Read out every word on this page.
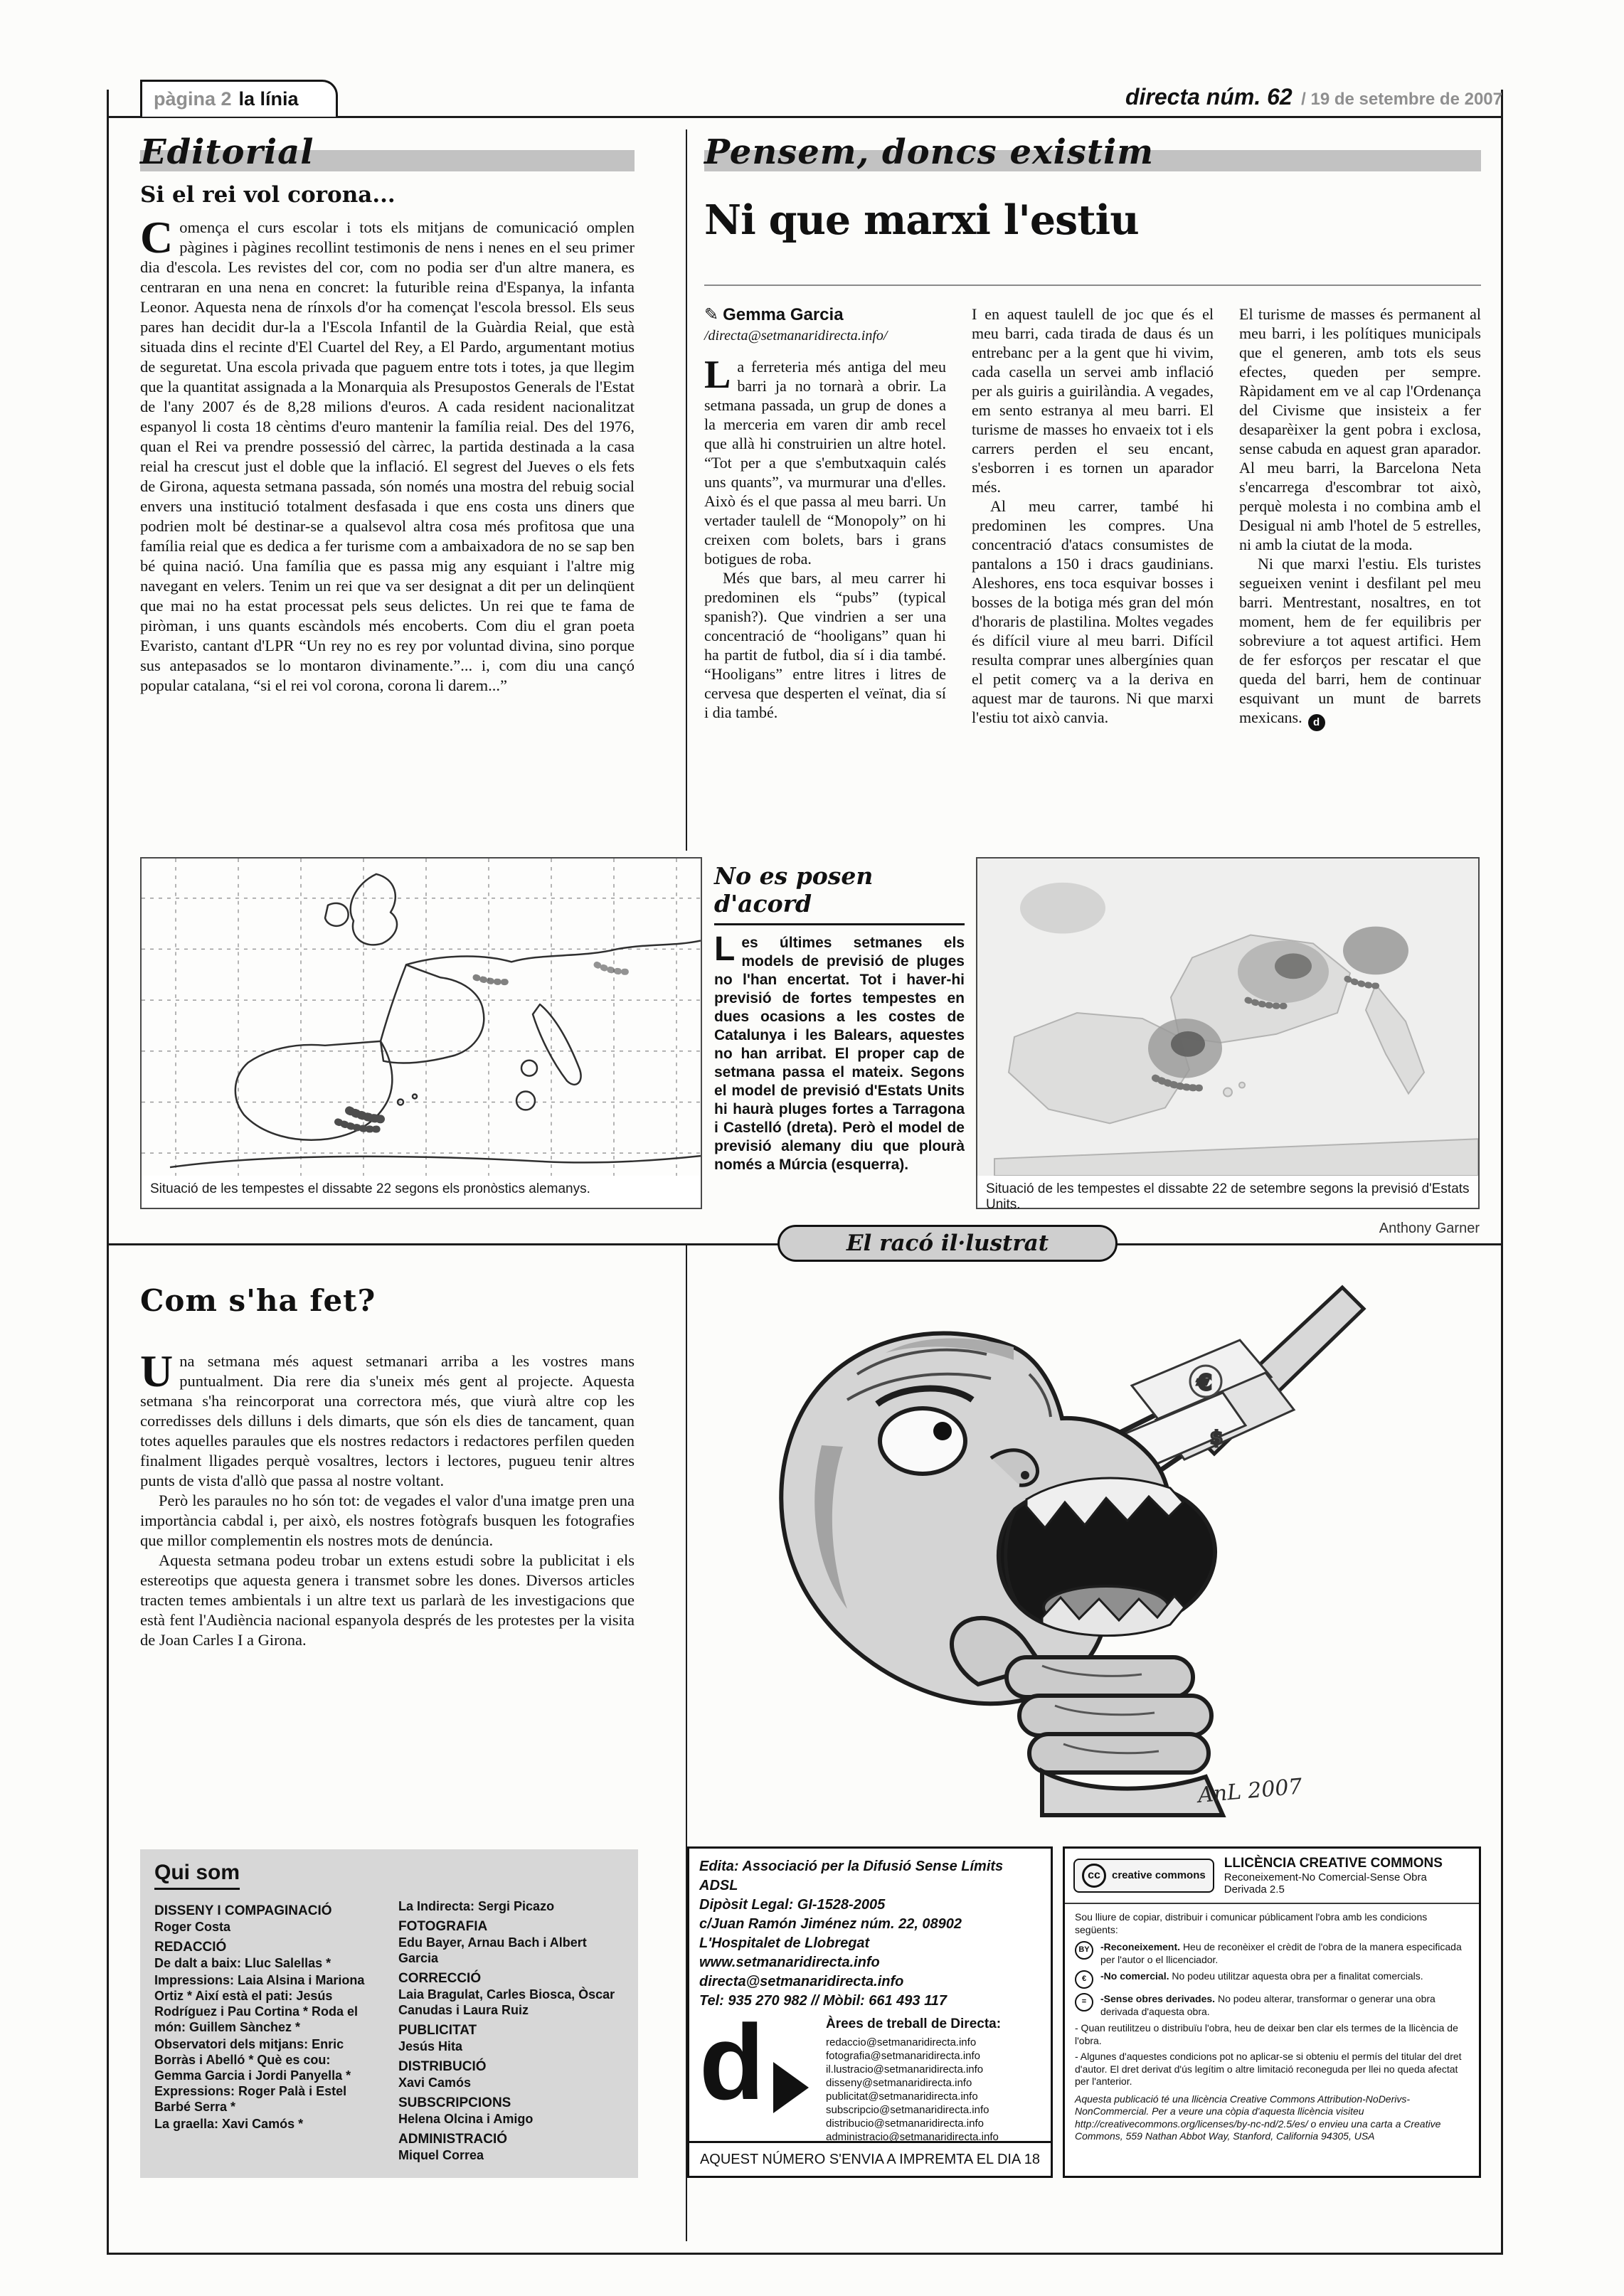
pàgina 2 la línia	directa núm. 62 / 19 de setembre de 2007
Editorial
Si el rei vol corona...

Comença el curs escolar i tots els mitjans de comunicació omplen pàgines i pàgines recollint testimonis de nens i nenes en el seu primer dia d'escola. Les revistes del cor, com no podia ser d'un altre manera, es centraran en una nena en concret: la futurible reina d'Espanya, la infanta Leonor. Aquesta nena de rínxols d'or ha començat l'escola bressol. Els seus pares han decidit dur-la a l'Escola Infantil de la Guàrdia Reial, que està situada dins el recinte d'El Cuartel del Rey, a El Pardo, argumentant motius de seguretat. Una escola privada que paguem entre tots i totes, ja que llegim que la quantitat assignada a la Monarquia als Presupostos Generals de l'Estat de l'any 2007 és de 8,28 milions d'euros. A cada resident nacionalitzat espanyol li costa 18 cèntims d'euro mantenir la família reial. Des del 1976, quan el Rei va prendre possessió del càrrec, la partida destinada a la casa reial ha crescut just el doble que la inflació. El segrest del Jueves o els fets de Girona, aquesta setmana passada, són només una mostra del rebuig social envers una institució totalment desfasada i que ens costa uns diners que podrien molt bé destinar-se a qualsevol altra cosa més profitosa que una família reial que es dedica a fer turisme com a ambaixadora de no se sap ben bé quina nació. Una família que es passa mig any esquiant i l'altre mig navegant en velers. Tenim un rei que va ser designat a dit per un delinqüent que mai no ha estat processat pels seus delictes. Un rei que te fama de piròman, i uns quants escàndols més encoberts. Com diu el gran poeta Evaristo, cantant d'LPR “Un rey no es rey por voluntad divina, sino porque sus antepasados se lo montaron divinamente.”... i, com diu una cançó popular catalana, “si el rei vol corona, corona li darem...”

Pensem, doncs existim
Ni que marxi l'estiu
✎ Gemma Garcia
/directa@setmanaridirecta.info/

La ferreteria més antiga del meu barri ja no tornarà a obrir. La setmana passada, un grup de dones a la merceria em varen dir amb recel que allà hi construirien un altre hotel. “Tot per a que s'embutxaquin calés uns quants”, va murmurar una d'elles. Això és el que passa al meu barri. Un vertader taulell de “Monopoly” on hi creixen com bolets, bars i grans botigues de roba.

Més que bars, al meu carrer hi predominen els “pubs” (typical spanish?). Que vindrien a ser una concentració de “hooligans” quan hi ha partit de futbol, dia sí i dia també. “Hooligans” entre litres i litres de cervesa que desperten el veïnat, dia sí i dia també.

I en aquest taulell de joc que és el meu barri, cada tirada de daus és un entrebanc per a la gent que hi vivim, cada casella un servei amb inflació per als guiris a guirilàndia. A vegades, em sento estranya al meu barri. El turisme de masses ho envaeix tot i els carrers perden el seu encant, s'esborren i es tornen un aparador més.

Al meu carrer, també hi predominen les compres. Una concentració d'atacs consumistes de pantalons a 150 i dracs gaudinians. Aleshores, ens toca esquivar bosses i bosses de la botiga més gran del món d'horaris de plastilina. Moltes vegades és difícil viure al meu barri. Difícil resulta comprar unes albergínies quan el petit comerç va a la deriva en aquest mar de taurons. Ni que marxi l'estiu tot això canvia.

El turisme de masses és permanent al meu barri, i les polítiques municipals que el generen, amb tots els seus efectes, queden per sempre. Ràpidament em ve al cap l'Ordenança del Civisme que insisteix a fer desaparèixer la gent pobra i exclosa, sense cabuda en aquest gran aparador. Al meu barri, la Barcelona Neta s'encarrega d'escombrar tot això, perquè molesta i no combina amb el Desigual ni amb l'hotel de 5 estrelles, ni amb la ciutat de la moda.

Ni que marxi l'estiu. Els turistes segueixen venint i desfilant pel meu barri. Mentrestant, nosaltres, en tot moment, hem de fer equilibris per sobreviure a tot aquest artifici. Hem de fer esforços per rescatar el que queda del barri, hem de continuar esquivant un munt de barrets mexicans. d

Situació de les tempestes el dissabte 22 segons els pronòstics alemanys.
No es posen d'acord

Les últimes setmanes els models de previsió de pluges no l'han encertat. Tot i haver-hi previsió de fortes tempestes en dues ocasions a les costes de Catalunya i les Balears, aquestes no han arribat. El proper cap de setmana passa el mateix. Segons el model de previsió d'Estats Units hi haurà pluges fortes a Tarragona i Castelló (dreta). Però el model de previsió alemany diu que plourà només a Múrcia (esquerra).

Situació de les tempestes el dissabte 22 de setembre segons la previsió d'Estats Units.
El racó il·lustrat
Anthony Garner
€
$
AnL 2007
Com s'ha fet?

Una setmana més aquest setmanari arriba a les vostres mans puntualment. Dia rere dia s'uneix més gent al projecte. Aquesta setmana s'ha reincorporat una correctora més, que viurà altre cop les corredisses dels dilluns i dels dimarts, que són els dies de tancament, quan totes aquelles paraules que els nostres redactors i redactores perfilen queden finalment lligades perquè vosaltres, lectors i lectores, pugueu tenir altres punts de vista d'allò que passa al nostre voltant.

Però les paraules no ho són tot: de vegades el valor d'una imatge pren una importància cabdal i, per això, els nostres fotògrafs busquen les fotografies que millor complementin els nostres mots de denúncia.

Aquesta setmana podeu trobar un extens estudi sobre la publicitat i els estereotips que aquesta genera i transmet sobre les dones. Diversos articles tracten temes ambientals i un altre text us parlarà de les investigacions que està fent l'Audiència nacional espanyola després de les protestes per la visita de Joan Carles I a Girona.

Qui som
DISSENY I COMPAGINACIÓ
Roger Costa
REDACCIÓ
De dalt a baix: Lluc Salellas *
Impressions: Laia Alsina i Mariona Ortiz * Així està el pati: Jesús Rodríguez i Pau Cortina * Roda el món: Guillem Sànchez *
Observatori dels mitjans: Enric Borràs i Abelló * Què es cou: Gemma Garcia i Jordi Panyella * Expressions: Roger Palà i Estel Barbé Serra *
La graella: Xavi Camós *
La Indirecta: Sergi Picazo
FOTOGRAFIA
Edu Bayer, Arnau Bach i Albert Garcia
CORRECCIÓ
Laia Bragulat, Carles Biosca, Òscar Canudas i Laura Ruiz
PUBLICITAT
Jesús Hita
DISTRIBUCIÓ
Xavi Camós
SUBSCRIPCIONS
Helena Olcina i Amigo
ADMINISTRACIÓ
Miquel Correa
Edita: Associació per la Difusió Sense Límits ADSL
Dipòsit Legal: GI-1528-2005
c/Juan Ramón Jiménez núm. 22, 08902
L'Hospitalet de Llobregat
www.setmanaridirecta.info
directa@setmanaridirecta.info
Tel: 935 270 982 // Mòbil: 661 493 117
d	Àrees de treball de Directa:
redaccio@setmanaridirecta.info
fotografia@setmanaridirecta.info
il.lustracio@setmanaridirecta.info
disseny@setmanaridirecta.info
publicitat@setmanaridirecta.info
subscripcio@setmanaridirecta.info
distribucio@setmanaridirecta.info
administracio@setmanaridirecta.info
AQUEST NÚMERO S'ENVIA A IMPREMTA EL DIA 18
cc	creative commons
LLICÈNCIA CREATIVE COMMONS
Reconeixement-No Comercial-Sense Obra Derivada 2.5
Sou lliure de copiar, distribuir i comunicar públicament l'obra amb les condicions següents:
BY	-Reconeixement. Heu de reconèixer el crèdit de l'obra de la manera especificada per l'autor o el llicenciador.
€	-No comercial. No podeu utilitzar aquesta obra per a finalitat comercials.
=	-Sense obres derivades. No podeu alterar, transformar o generar una obra derivada d'aquesta obra.
- Quan reutilitzeu o distribuïu l'obra, heu de deixar ben clar els termes de la llicència de l'obra.
- Algunes d'aquestes condicions pot no aplicar-se si obteniu el permís del titular del dret d'autor. El dret derivat d'ús legítim o altre limitació reconeguda per llei no queda afectat per l'anterior.
Aquesta publicació té una llicència Creative Commons Attribution-NoDerivs-NonCommercial. Per a veure una còpia d'aquesta llicència visiteu http://creativecommons.org/licenses/by-nc-nd/2.5/es/ o envieu una carta a Creative Commons, 559 Nathan Abbot Way, Stanford, California 94305, USA
